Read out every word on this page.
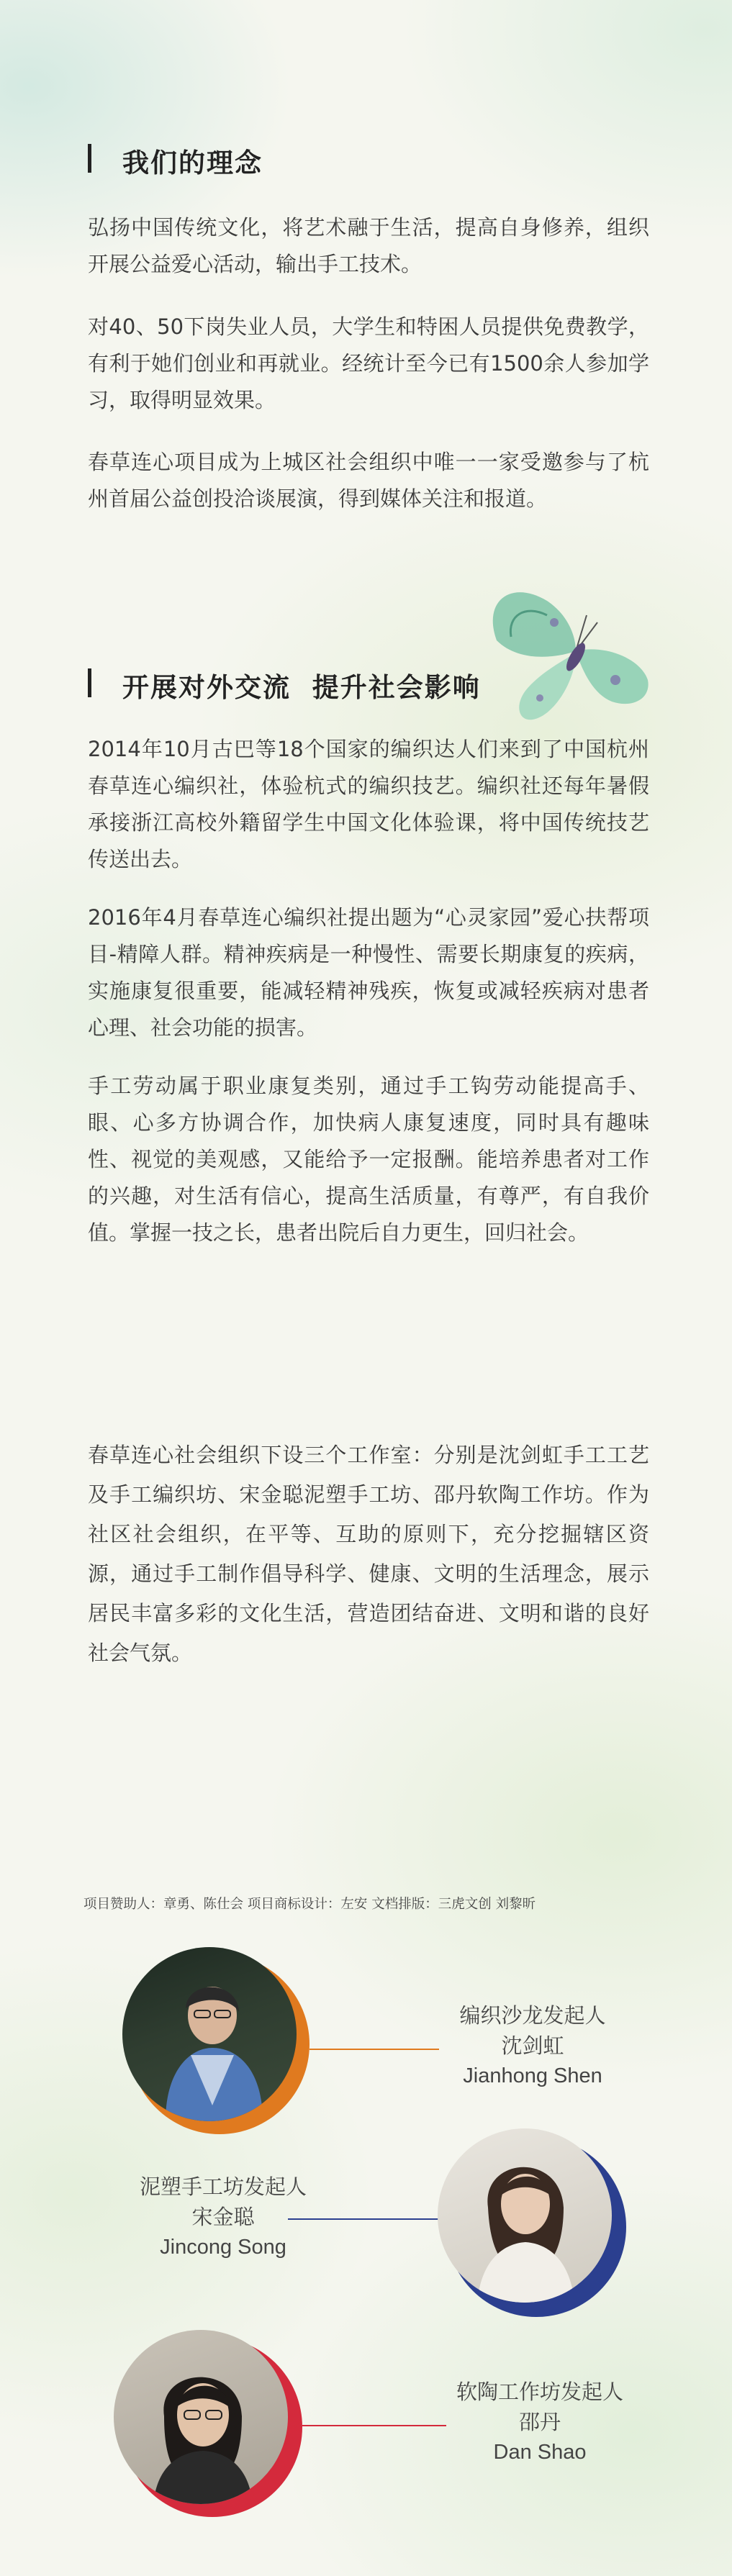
我们的理念
弘扬中国传统文化，将艺术融于生活，提高自身修养，组织开展公益爱心活动，输出手工技术。
对40、50下岗失业人员，大学生和特困人员提供免费教学，有利于她们创业和再就业。经统计至今已有1500余人参加学习，取得明显效果。
春草连心项目成为上城区社会组织中唯一一家受邀参与了杭州首届公益创投洽谈展演，得到媒体关注和报道。
开展对外交流  提升社会影响
2014年10月古巴等18个国家的编织达人们来到了中国杭州春草连心编织社，体验杭式的编织技艺。编织社还每年暑假承接浙江高校外籍留学生中国文化体验课，将中国传统技艺传送出去。
2016年4月春草连心编织社提出题为“心灵家园”爱心扶帮项目-精障人群。精神疾病是一种慢性、需要长期康复的疾病，实施康复很重要，能减轻精神残疾，恢复或减轻疾病对患者心理、社会功能的损害。
手工劳动属于职业康复类别，通过手工钩劳动能提高手、眼、心多方协调合作，加快病人康复速度，同时具有趣味性、视觉的美观感，又能给予一定报酬。能培养患者对工作的兴趣，对生活有信心，提高生活质量，有尊严，有自我价值。掌握一技之长，患者出院后自力更生，回归社会。
春草连心社会组织下设三个工作室：分别是沈剑虹手工工艺及手工编织坊、宋金聪泥塑手工坊、邵丹软陶工作坊。作为社区社会组织，在平等、互助的原则下，充分挖掘辖区资源，通过手工制作倡导科学、健康、文明的生活理念，展示居民丰富多彩的文化生活，营造团结奋进、文明和谐的良好社会气氛。
项目赞助人：章勇、陈仕会 项目商标设计：左安 文档排版：三虎文创 刘黎昕
编织沙龙发起人
沈剑虹
Jianhong Shen
泥塑手工坊发起人
宋金聪
Jincong Song
软陶工作坊发起人
邵丹
Dan Shao
